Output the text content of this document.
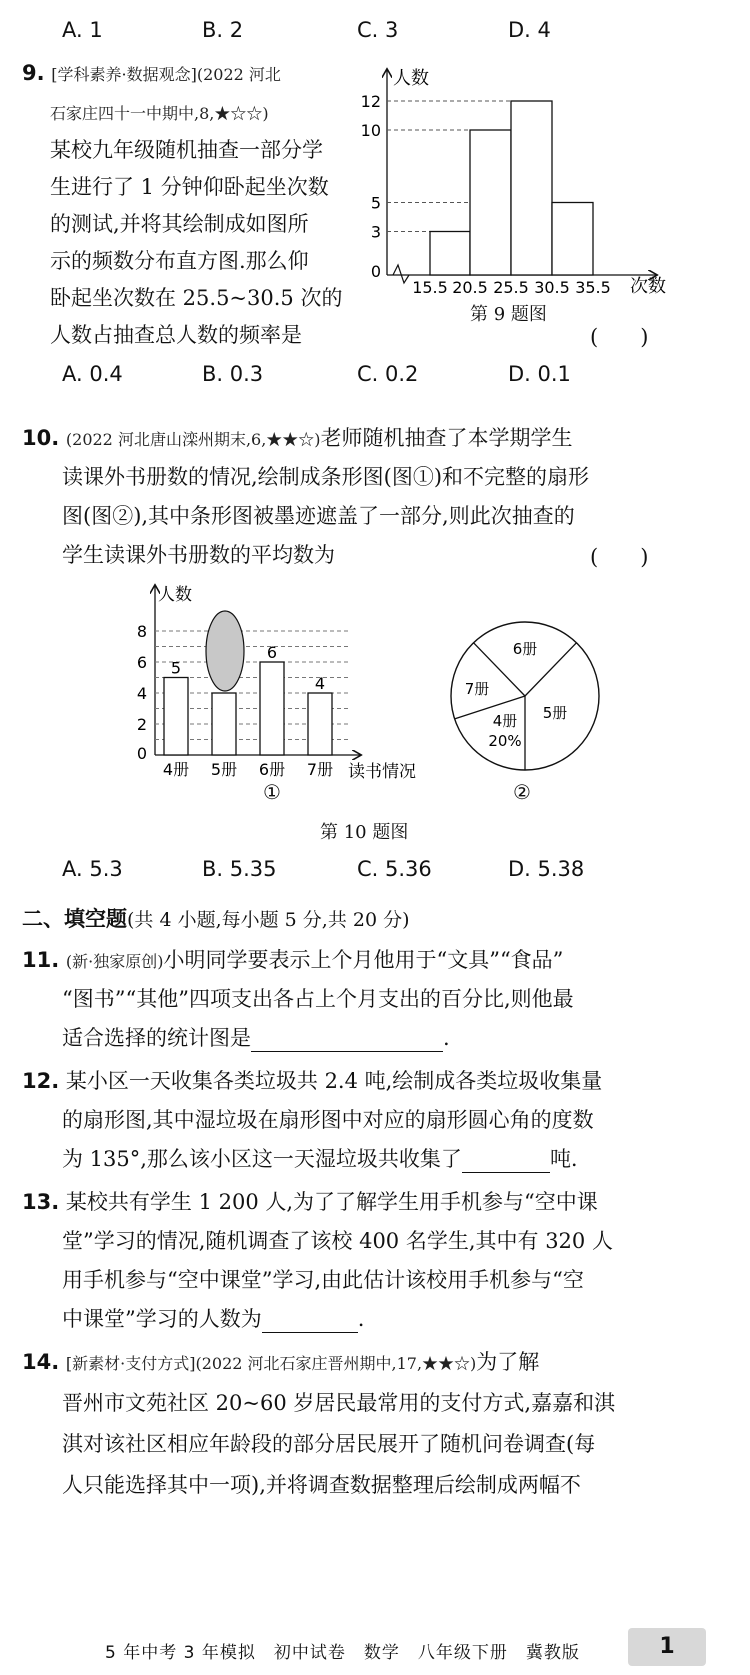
A. 1	B. 2	C. 3	D. 4
9. [学科素养·数据观念](2022 河北
石家庄四十一中期中,8,★☆☆)
某校九年级随机抽查一部分学
生进行了 1 分钟仰卧起坐次数
的测试,并将其绘制成如图所
示的频数分布直方图.那么仰
卧起坐次数在 25.5~30.5 次的
人数占抽查总人数的频率是	(　　)
A. 0.4	B. 0.3	C. 0.2	D. 0.1
人数
次数
0
3
5
10
12
15.5 20.5 25.5 30.5 35.5
第 9 题图
10. (2022 河北唐山滦州期末,6,★★☆)老师随机抽查了本学期学生
读课外书册数的情况,绘制成条形图(图①)和不完整的扇形
图(图②),其中条形图被墨迹遮盖了一部分,则此次抽查的
学生读课外书册数的平均数为	(　　)
人数
读书情况
5
6
4
4册 5册 6册 7册
0
2
4
6
8
①
6册
5册
4册
20%
7册
②
第 10 题图
A. 5.3	B. 5.35	C. 5.36	D. 5.38
二、填空题(共 4 小题,每小题 5 分,共 20 分)
11. (新·独家原创)小明同学要表示上个月他用于“文具”“食品”
“图书”“其他”四项支出各占上个月支出的百分比,则他最
适合选择的统计图是	.
12. 某小区一天收集各类垃圾共 2.4 吨,绘制成各类垃圾收集量
的扇形图,其中湿垃圾在扇形图中对应的扇形圆心角的度数
为 135°,那么该小区这一天湿垃圾共收集了	吨.
13. 某校共有学生 1 200 人,为了了解学生用手机参与“空中课
堂”学习的情况,随机调查了该校 400 名学生,其中有 320 人
用手机参与“空中课堂”学习,由此估计该校用手机参与“空
中课堂”学习的人数为	.
14. [新素材·支付方式](2022 河北石家庄晋州期中,17,★★☆)为了解
晋州市文苑社区 20~60 岁居民最常用的支付方式,嘉嘉和淇
淇对该社区相应年龄段的部分居民展开了随机问卷调查(每
人只能选择其中一项),并将调查数据整理后绘制成两幅不
5 年中考 3 年模拟　初中试卷　数学　八年级下册　冀教版	1
